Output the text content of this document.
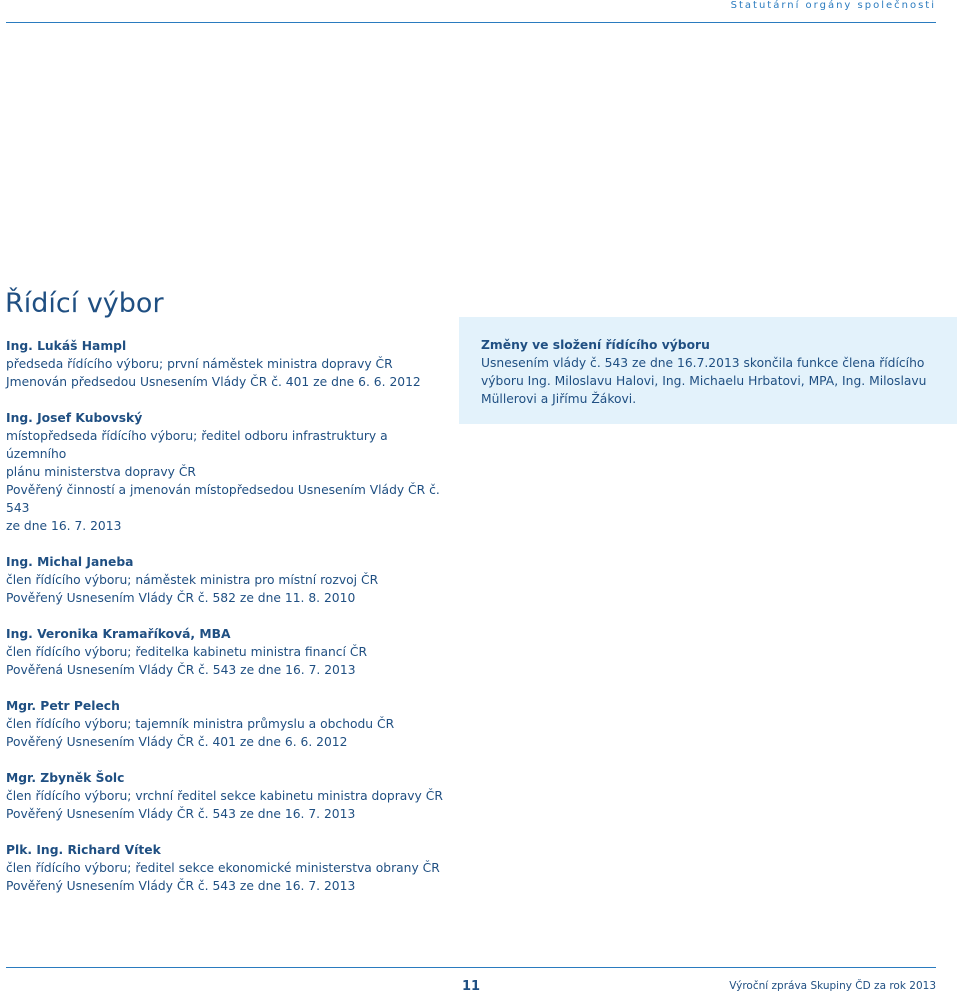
Statutární orgány společnosti
Řídící výbor
Ing. Lukáš Hampl
předseda řídícího výboru; první náměstek ministra dopravy ČR
Jmenován předsedou Usnesením Vlády ČR č. 401 ze dne 6. 6. 2012
Ing. Josef Kubovský
místopředseda řídícího výboru; ředitel odboru infrastruktury a územního
plánu ministerstva dopravy ČR
Pověřený činností a jmenován místopředsedou Usnesením Vlády ČR č. 543
ze dne 16. 7. 2013
Ing. Michal Janeba
člen řídícího výboru; náměstek ministra pro místní rozvoj ČR
Pověřený Usnesením Vlády ČR č. 582 ze dne 11. 8. 2010
Ing. Veronika Kramaříková, MBA
člen řídícího výboru; ředitelka kabinetu ministra financí ČR
Pověřená Usnesením Vlády ČR č. 543 ze dne 16. 7. 2013
Mgr. Petr Pelech
člen řídícího výboru; tajemník ministra průmyslu a obchodu ČR
Pověřený Usnesením Vlády ČR č. 401 ze dne 6. 6. 2012
Mgr. Zbyněk Šolc
člen řídícího výboru; vrchní ředitel sekce kabinetu ministra dopravy ČR
Pověřený Usnesením Vlády ČR č. 543 ze dne 16. 7. 2013
Plk. Ing. Richard Vítek
člen řídícího výboru; ředitel sekce ekonomické ministerstva obrany ČR
Pověřený Usnesením Vlády ČR č. 543 ze dne 16. 7. 2013
Změny ve složení řídícího výboru
Usnesením vlády č. 543 ze dne 16.7.2013 skončila funkce člena řídícího
výboru Ing. Miloslavu Halovi, Ing. Michaelu Hrbatovi, MPA, Ing. Miloslavu
Müllerovi a Jiřímu Žákovi.
11	Výroční zpráva Skupiny ČD za rok 2013
